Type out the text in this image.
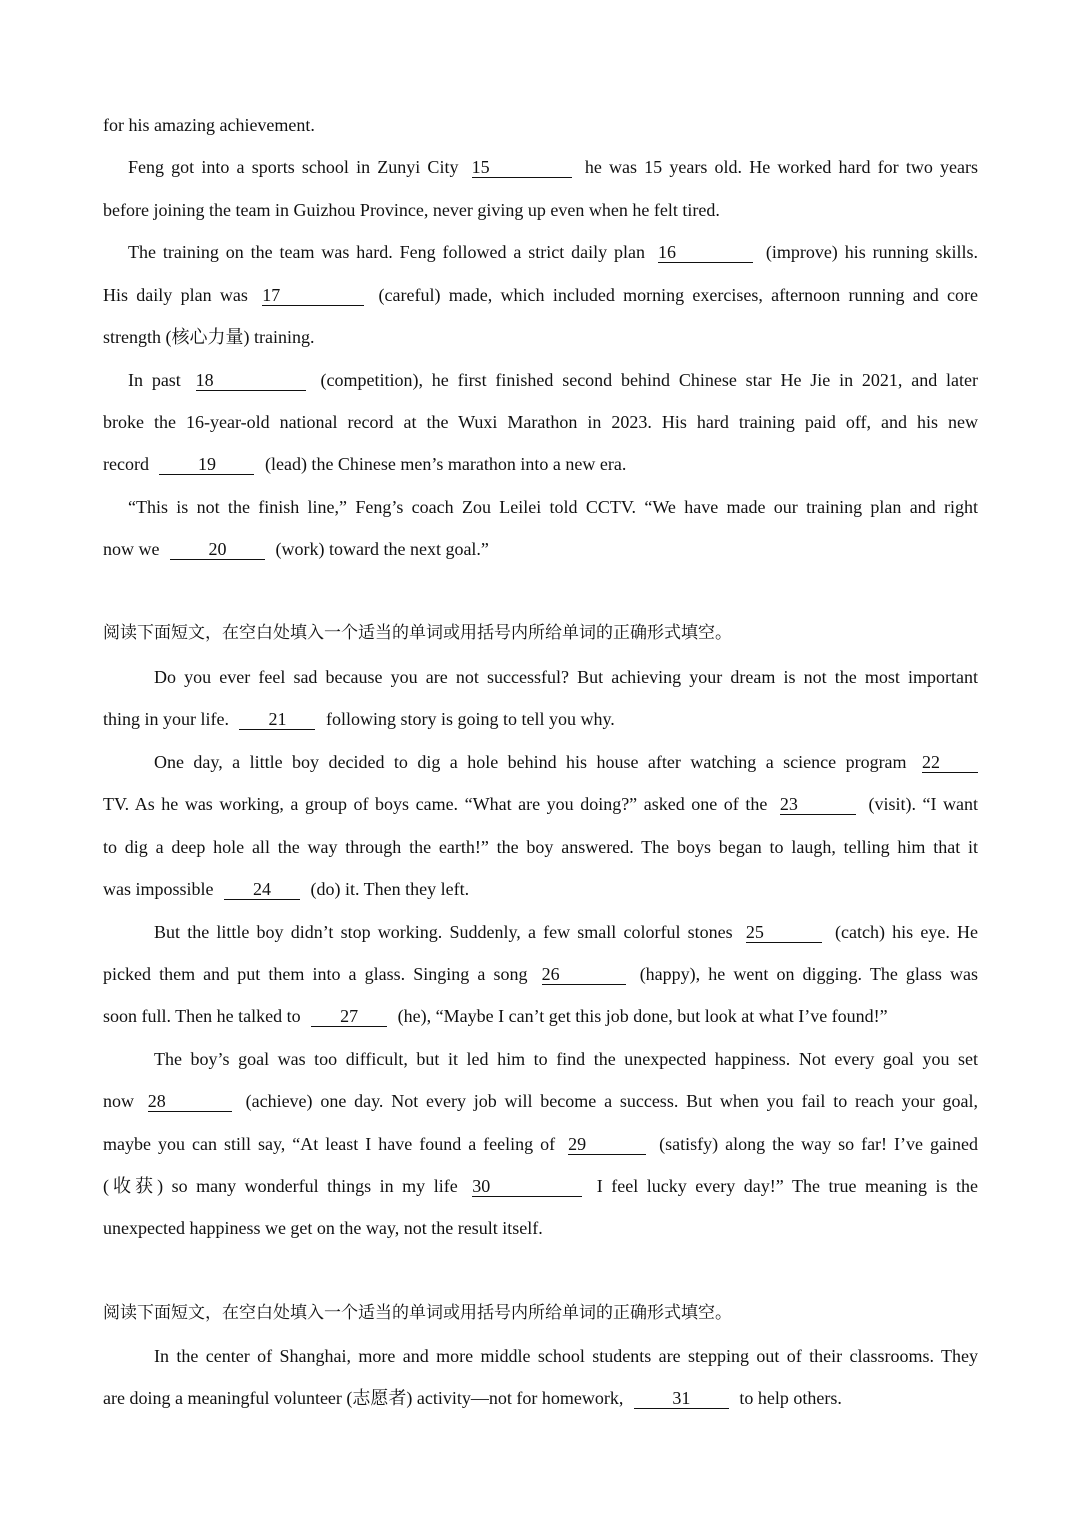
for his amazing achievement.
Feng got into a sports school in Zunyi City 15	he was 15 years old. He worked hard for two years
before joining the team in Guizhou Province, never giving up even when he felt tired.
The training on the team was hard. Feng followed a strict daily plan 16	(improve) his running skills.
His daily plan was 17	(careful) made, which included morning exercises, afternoon running and core
strength (核心力量) training.
In past 18	(competition), he first finished second behind Chinese star He Jie in 2021, and later
broke the 16-year-old national record at the Wuxi Marathon in 2023. His hard training paid off, and his new
record	19	(lead) the Chinese men’s marathon into a new era.
“This is not the finish line,” Feng’s coach Zou Leilei told CCTV. “We have made our training plan and right
now we	20	(work) toward the next goal.”
阅读下面短文，在空白处填入一个适当的单词或用括号内所给单词的正确形式填空。
Do you ever feel sad because you are not successful? But achieving your dream is not the most important
thing in your life. 21 following story is going to tell you why.
One day, a little boy decided to dig a hole behind his house after watching a science program 22
TV. As he was working, a group of boys came. “What are you doing?” asked one of the 23	(visit). “I want
to dig a deep hole all the way through the earth!” the boy answered. The boys began to laugh, telling him that it
was impossible 24 (do) it. Then they left.
But the little boy didn’t stop working. Suddenly, a few small colorful stones 25	(catch) his eye. He
picked them and put them into a glass. Singing a song 26	(happy), he went on digging. The glass was
soon full. Then he talked to 27 (he), “Maybe I can’t get this job done, but look at what I’ve found!”
The boy’s goal was too difficult, but it led him to find the unexpected happiness. Not every goal you set
now 28	(achieve) one day. Not every job will become a success. But when you fail to reach your goal,
maybe you can still say, “At least I have found a feeling of 29	(satisfy) along the way so far! I’ve gained
(收获) so many wonderful things in my life 30	I feel lucky every day!” The true meaning is the
unexpected happiness we get on the way, not the result itself.
阅读下面短文，在空白处填入一个适当的单词或用括号内所给单词的正确形式填空。
In the center of Shanghai, more and more middle school students are stepping out of their classrooms. They
are doing a meaningful volunteer (志愿者) activity—not for homework,	31	to help others.
